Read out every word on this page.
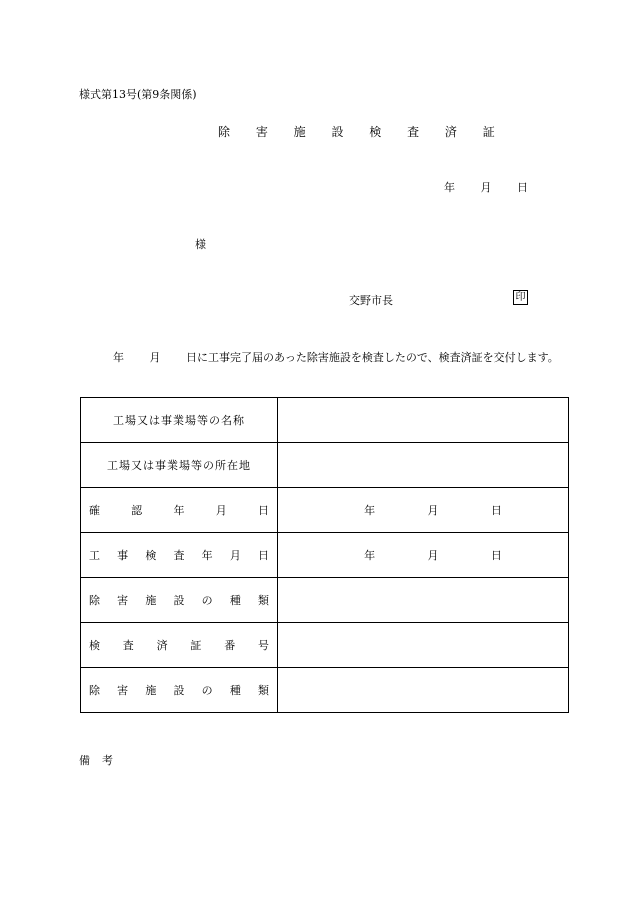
様式第13号(第9条関係)
除 害 施 設 検 査 済 証
年 月 日
様
交野市長	印
年 月 日に工事完了届のあった除害施設を検査したので、検査済証を交付します。
工場又は事業場等の名称	
工場又は事業場等の所在地	
確 認 年 月 日	年 月 日

工 事 検 査 年 月 日	年 月 日

除 害 施 設 の 種 類	
検 査 済 証 番 号	
除 害 施 設 の 種 類	
備考
